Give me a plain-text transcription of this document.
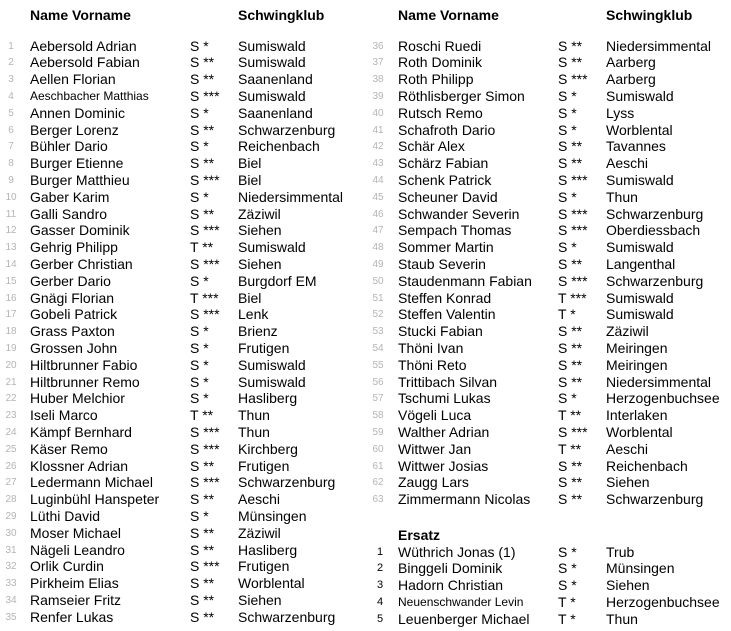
Name Vorname	Schwingklub	Name Vorname	Schwingklub
1	Aebersold Adrian	S * Sumiswald
2	Aebersold Fabian	S ** Sumiswald
3	Aellen Florian	S ** Saanenland
4	Aeschbacher Matthias	S *** Sumiswald
5	Annen Dominic	S * Saanenland
6	Berger Lorenz	S ** Schwarzenburg
7	Bühler Dario	S * Reichenbach
8	Burger Etienne	S ** Biel
9	Burger Matthieu	S *** Biel
10 Gaber Karim	S * Niedersimmental
11 Galli Sandro	S ** Zäziwil
12 Gasser Dominik	S *** Siehen
13 Gehrig Philipp	T ** Sumiswald
14 Gerber Christian	S *** Siehen
15 Gerber Dario	S * Burgdorf EM
16 Gnägi Florian	T *** Biel
17 Gobeli Patrick	S *** Lenk
18 Grass Paxton	S * Brienz
19 Grossen John	S * Frutigen
20 Hiltbrunner Fabio	S * Sumiswald
21 Hiltbrunner Remo	S * Sumiswald
22 Huber Melchior	S * Hasliberg
23 Iseli Marco	T ** Thun
24 Kämpf Bernhard	S *** Thun
25 Käser Remo	S *** Kirchberg
26 Klossner Adrian	S ** Frutigen
27 Ledermann Michael	S *** Schwarzenburg
28 Luginbühl Hanspeter S ** Aeschi
29 Lüthi David	S * Münsingen
30 Moser Michael	S ** Zäziwil
31 Nägeli Leandro	S ** Hasliberg
32 Orlik Curdin	S *** Frutigen
33 Pirkheim Elias	S ** Worblental
34 Ramseier Fritz	S ** Siehen
35 Renfer Lukas	S ** Schwarzenburg
36	Roschi Ruedi	S ** Niedersimmental
37	Roth Dominik	S ** Aarberg
38	Roth Philipp	S *** Aarberg
39	Röthlisberger Simon S * Sumiswald
40	Rutsch Remo	S * Lyss
41	Schafroth Dario	S * Worblental
42	Schär Alex	S ** Tavannes
43	Schärz Fabian	S ** Aeschi
44	Schenk Patrick	S *** Sumiswald
45	Scheuner David	S * Thun
46	Schwander Severin	S *** Schwarzenburg
47	Sempach Thomas	S *** Oberdiessbach
48	Sommer Martin	S * Sumiswald
49	Staub Severin	S ** Langenthal
50	Staudenmann Fabian S *** Schwarzenburg
51	Steffen Konrad	T *** Sumiswald
52	Steffen Valentin	T * Sumiswald
53	Stucki Fabian	S ** Zäziwil
54	Thöni Ivan	S ** Meiringen
55	Thöni Reto	S ** Meiringen
56	Trittibach Silvan	S ** Niedersimmental
57	Tschumi Lukas	S * Herzogenbuchsee
58	Vögeli Luca	T ** Interlaken
59	Walther Adrian	S *** Worblental
60	Wittwer Jan	T ** Aeschi
61	Wittwer Josias	S ** Reichenbach
62	Zaugg Lars	S ** Siehen
63	Zimmermann Nicolas S ** Schwarzenburg
Ersatz
1	Wüthrich Jonas (1)	S * Trub
2	Binggeli Dominik	S * Münsingen
3	Hadorn Christian	S * Siehen
4	Neuenschwander Levin T * Herzogenbuchsee
5	Leuenberger Michael T * Thun
